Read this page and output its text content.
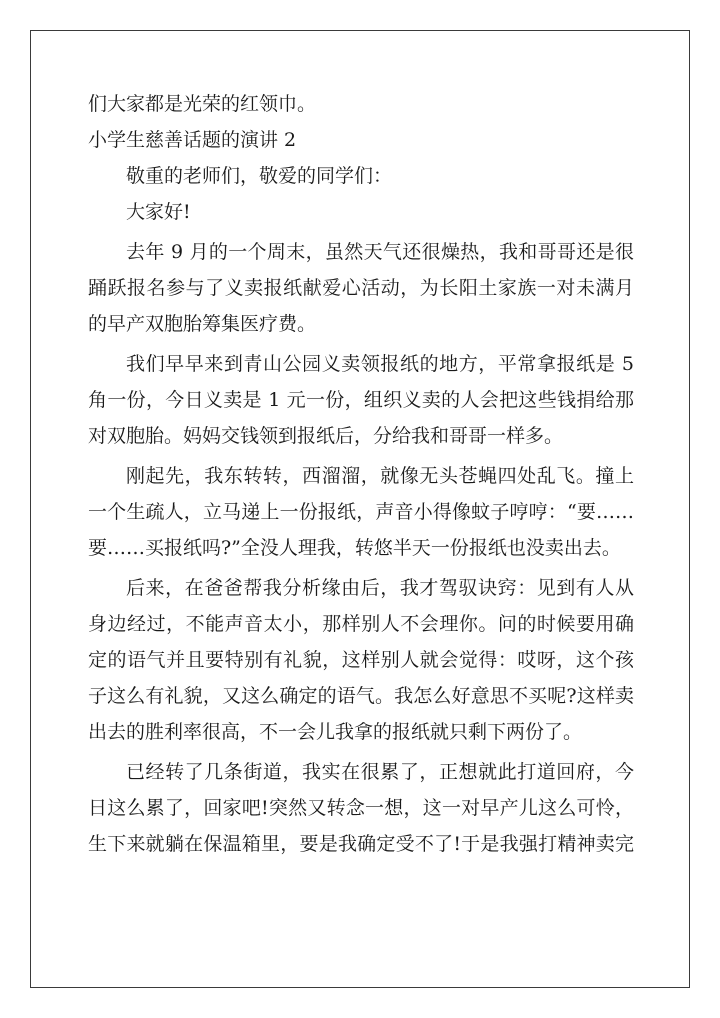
们大家都是光荣的红领巾。
小学生慈善话题的演讲 2
敬重的老师们，敬爱的同学们：
大家好!
去年 9 月的一个周末，虽然天气还很燥热，我和哥哥还是很
踊跃报名参与了义卖报纸献爱心活动，为长阳土家族一对未满月
的早产双胞胎筹集医疗费。
我们早早来到青山公园义卖领报纸的地方，平常拿报纸是 5
角一份，今日义卖是 1 元一份，组织义卖的人会把这些钱捐给那
对双胞胎。妈妈交钱领到报纸后，分给我和哥哥一样多。
刚起先，我东转转，西溜溜，就像无头苍蝇四处乱飞。撞上
一个生疏人，立马递上一份报纸，声音小得像蚊子哼哼：“要……
要……买报纸吗?”全没人理我，转悠半天一份报纸也没卖出去。
后来，在爸爸帮我分析缘由后，我才驾驭诀窍：见到有人从
身边经过，不能声音太小，那样别人不会理你。问的时候要用确
定的语气并且要特别有礼貌，这样别人就会觉得：哎呀，这个孩
子这么有礼貌，又这么确定的语气。我怎么好意思不买呢?这样卖
出去的胜利率很高，不一会儿我拿的报纸就只剩下两份了。
已经转了几条街道，我实在很累了，正想就此打道回府，今
日这么累了，回家吧!突然又转念一想，这一对早产儿这么可怜，
生下来就躺在保温箱里，要是我确定受不了!于是我强打精神卖完
